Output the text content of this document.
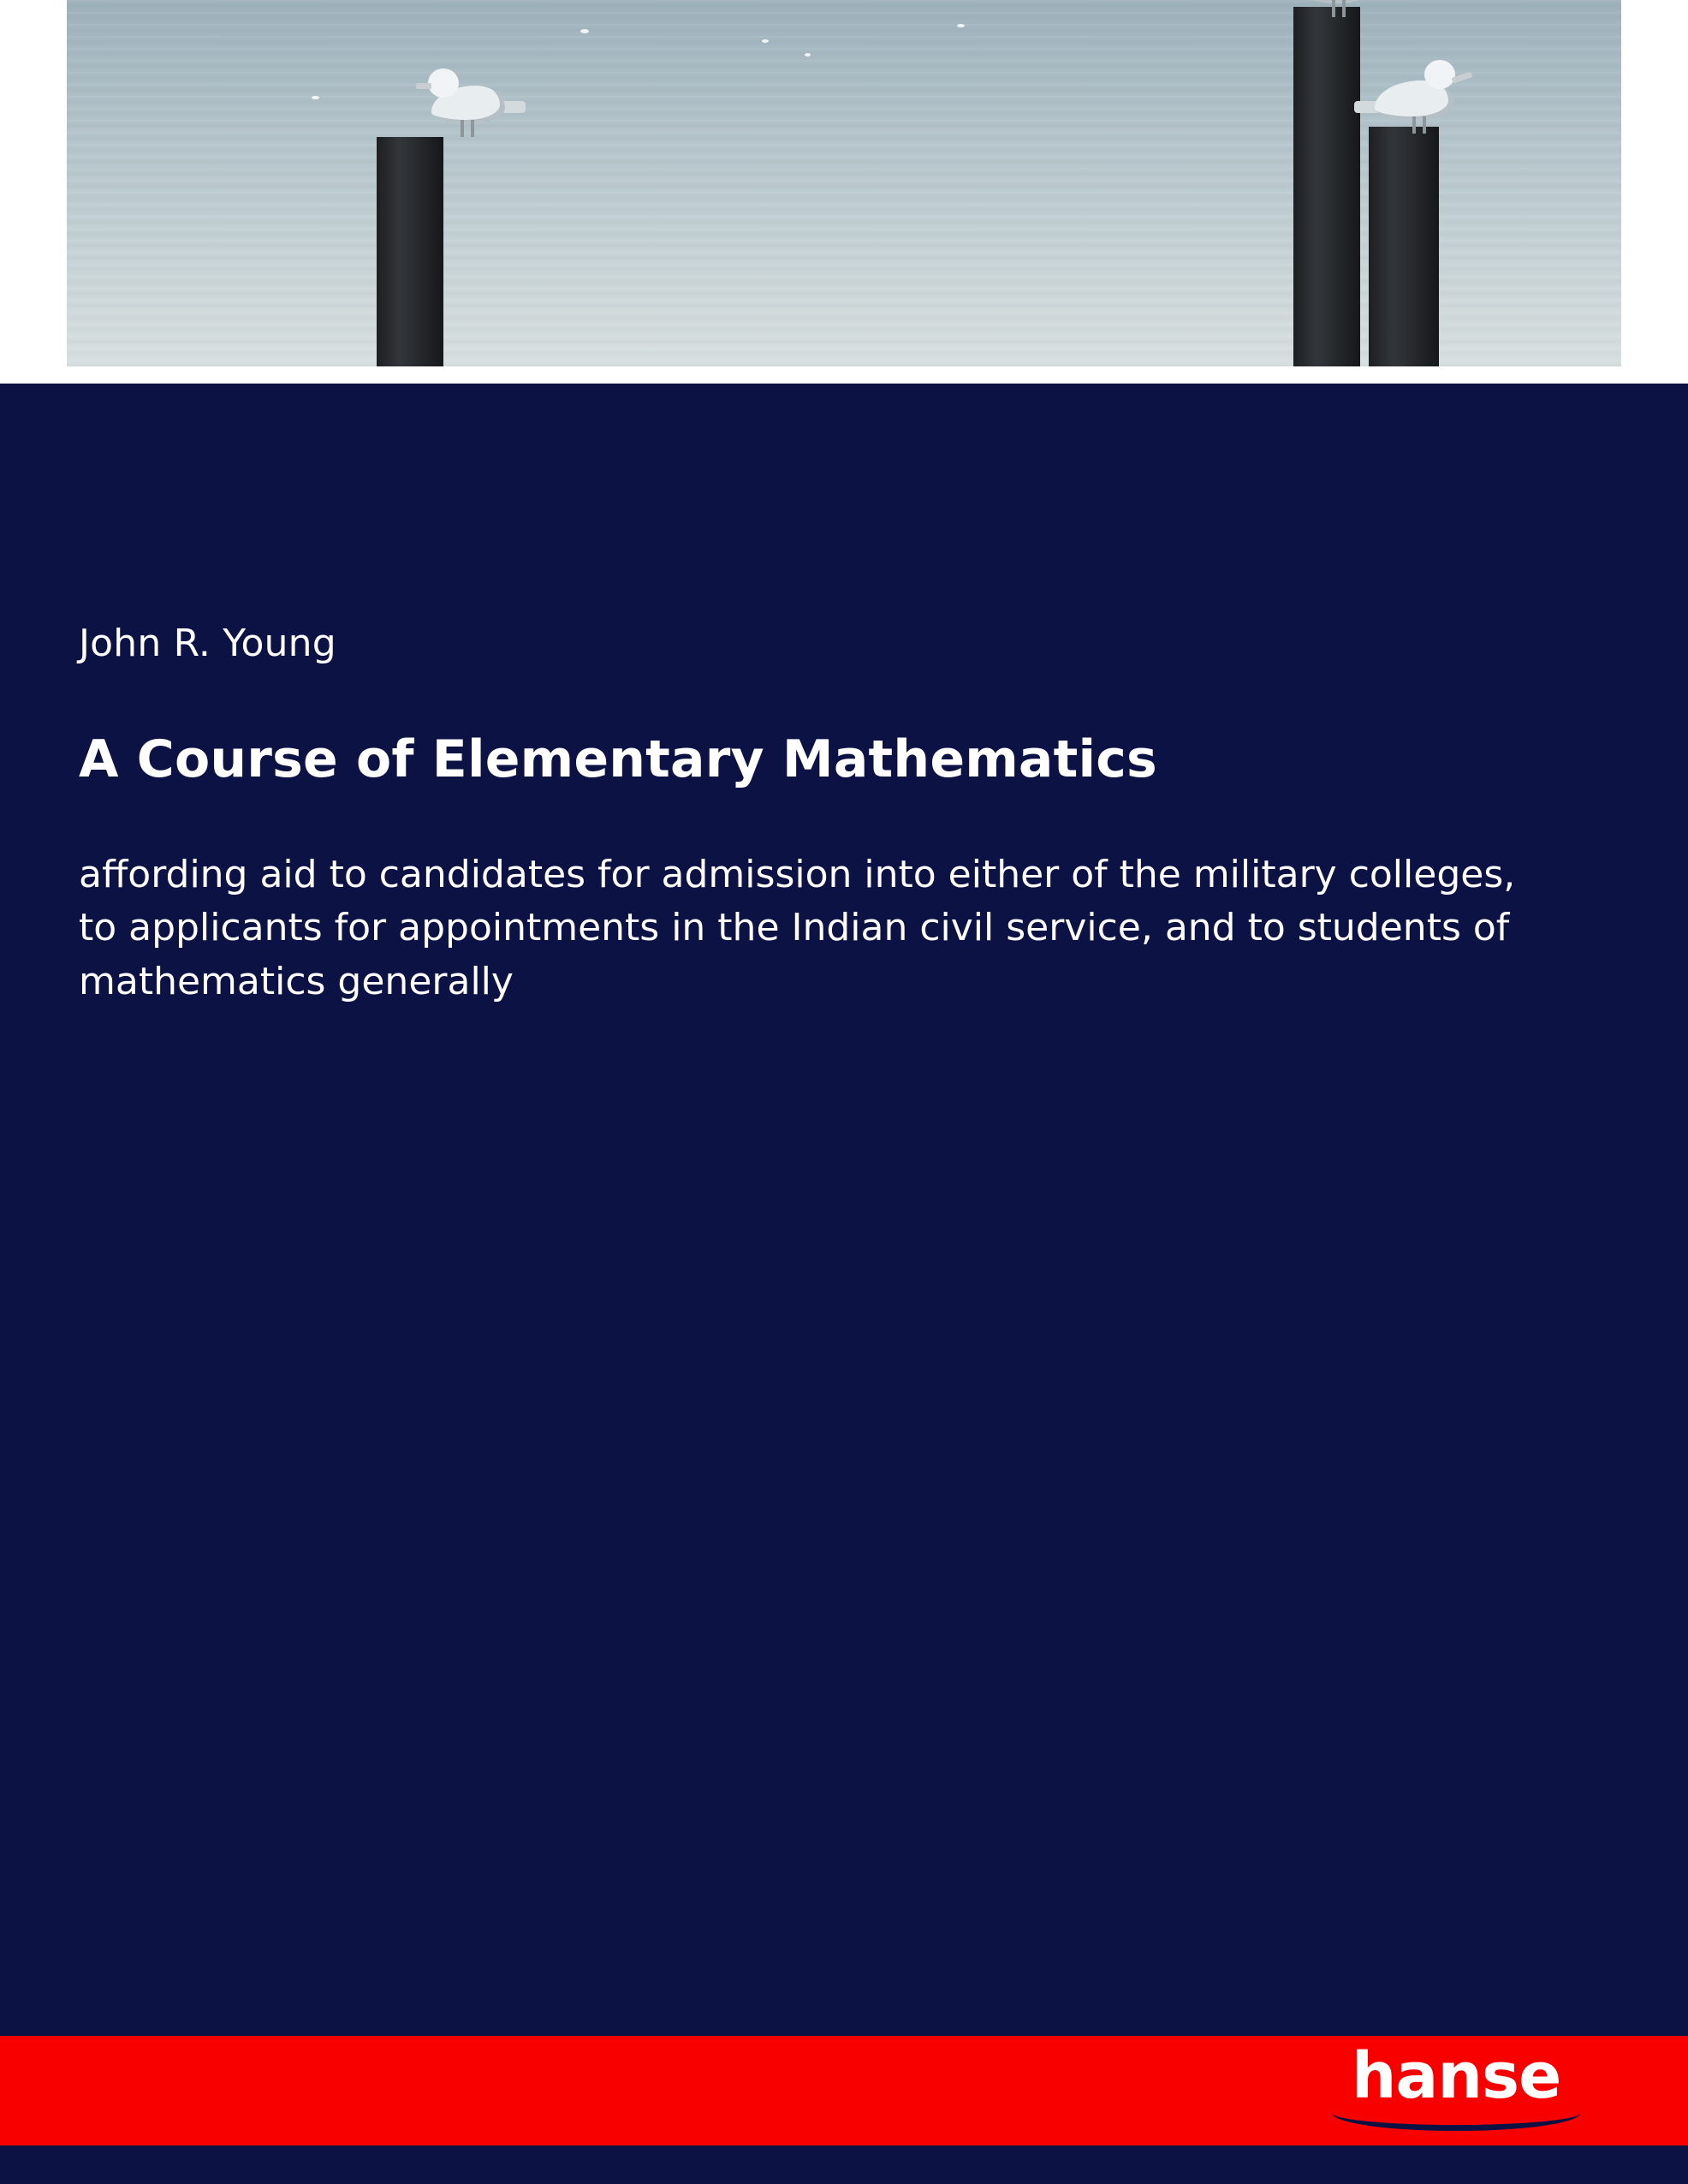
John R. Young
A Course of Elementary Mathematics
affording aid to candidates for admission into either of the military colleges, to applicants for appointments in the Indian civil service, and to students of mathematics generally
hanse
